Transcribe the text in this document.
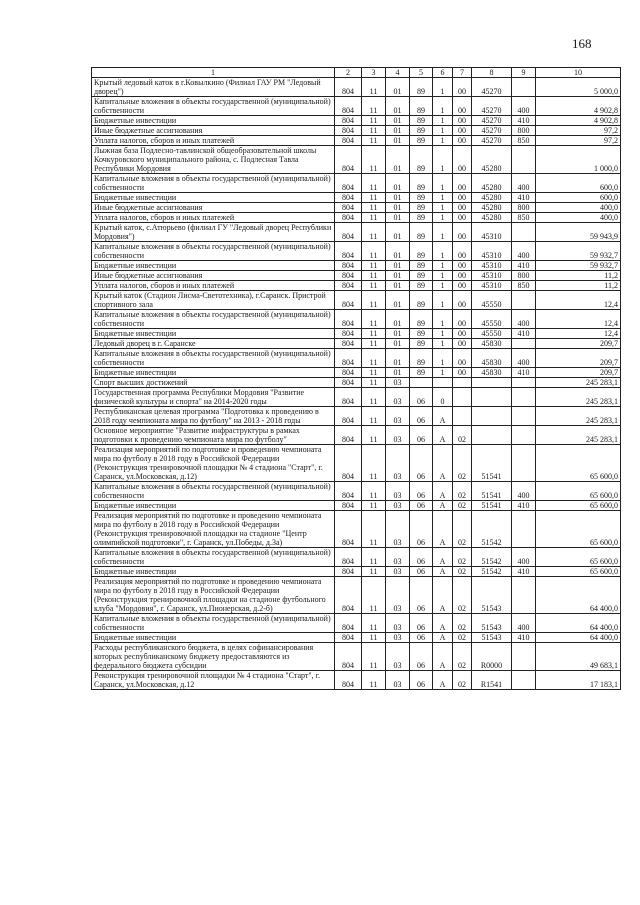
168
1	2	3	4	5	6	7	8	9	10
Крытый ледовый каток в г.Ковылкино (Филиал ГАУ РМ "Ледовый дворец")	804	11	01	89	1	00	45270		5 000,0
Капитальные вложения в объекты государственной (муниципальной) собственности	804	11	01	89	1	00	45270	400	4 902,8
Бюджетные инвестиции	804	11	01	89	1	00	45270	410	4 902,8
Иные бюджетные ассигнования	804	11	01	89	1	00	45270	800	97,2
Уплата налогов, сборов и иных платежей	804	11	01	89	1	00	45270	850	97,2
Лыжная база Подлесно-тавлинской общеобразовательной школы Кочкуровского муниципального района, с. Подлесная Тавла Республики Мордовия	804	11	01	89	1	00	45280		1 000,0
Капитальные вложения в объекты государственной (муниципальной) собственности	804	11	01	89	1	00	45280	400	600,0
Бюджетные инвестиции	804	11	01	89	1	00	45280	410	600,0
Иные бюджетные ассигнования	804	11	01	89	1	00	45280	800	400,0
Уплата налогов, сборов и иных платежей	804	11	01	89	1	00	45280	850	400,0
Крытый каток, с.Атюрьево (филиал ГУ "Ледовый дворец Республики Мордовия")	804	11	01	89	1	00	45310		59 943,9
Капитальные вложения в объекты государственной (муниципальной) собственности	804	11	01	89	1	00	45310	400	59 932,7
Бюджетные инвестиции	804	11	01	89	1	00	45310	410	59 932,7
Иные бюджетные ассигнования	804	11	01	89	1	00	45310	800	11,2
Уплата налогов, сборов и иных платежей	804	11	01	89	1	00	45310	850	11,2
Крытый каток (Стадион Лисма-Светотехника), г.Саранск. Пристрой спортивного зала	804	11	01	89	1	00	45550		12,4
Капитальные вложения в объекты государственной (муниципальной) собственности	804	11	01	89	1	00	45550	400	12,4
Бюджетные инвестиции	804	11	01	89	1	00	45550	410	12,4
Ледовый дворец в г. Саранске	804	11	01	89	1	00	45830		209,7
Капитальные вложения в объекты государственной (муниципальной) собственности	804	11	01	89	1	00	45830	400	209,7
Бюджетные инвестиции	804	11	01	89	1	00	45830	410	209,7
Спорт высших достижений	804	11	03						245 283,1
Государственная программа Республики Мордовия "Развитие физической культуры и спорта" на 2014-2020 годы	804	11	03	06	0				245 283,1
Республиканская целевая программа "Подготовка к проведению в 2018 году чемпионата мира по футболу" на 2013 - 2018 годы	804	11	03	06	А				245 283,1
Основное мероприятие "Развитие инфраструктуры в рамках подготовки к проведению чемпионата мира по футболу"	804	11	03	06	А	02			245 283,1
Реализация мероприятий по подготовке и проведению чемпионата мира по футболу в 2018 году в Российской Федерации (Реконструкция тренировочной площадки № 4 стадиона "Старт", г. Саранск, ул.Московская, д.12)	804	11	03	06	А	02	51541		65 600,0
Капитальные вложения в объекты государственной (муниципальной) собственности	804	11	03	06	А	02	51541	400	65 600,0
Бюджетные инвестиции	804	11	03	06	А	02	51541	410	65 600,0
Реализация мероприятий по подготовке и проведению чемпионата мира по футболу в 2018 году в Российской Федерации (Реконструкция тренировочной площадки на стадионе "Центр олимпийской подготовки", г. Саранск, ул.Победы, д.3а)	804	11	03	06	А	02	51542		65 600,0
Капитальные вложения в объекты государственной (муниципальной) собственности	804	11	03	06	А	02	51542	400	65 600,0
Бюджетные инвестиции	804	11	03	06	А	02	51542	410	65 600,0
Реализация мероприятий по подготовке и проведению чемпионата мира по футболу в 2018 году в Российской Федерации (Реконструкция тренировочной площадки на стадионе футбольного клуба "Мордовия", г. Саранск, ул.Пионерская, д.2-б)	804	11	03	06	А	02	51543		64 400,0
Капитальные вложения в объекты государственной (муниципальной) собственности	804	11	03	06	А	02	51543	400	64 400,0
Бюджетные инвестиции	804	11	03	06	А	02	51543	410	64 400,0
Расходы республиканского бюджета, в целях софинансирования которых республиканскому бюджету предоставляются из федерального бюджета субсидии	804	11	03	06	А	02	R0000		49 683,1
Реконструкция тренировочной площадки № 4 стадиона "Старт", г. Саранск, ул.Московская, д.12	804	11	03	06	А	02	R1541		17 183,1
